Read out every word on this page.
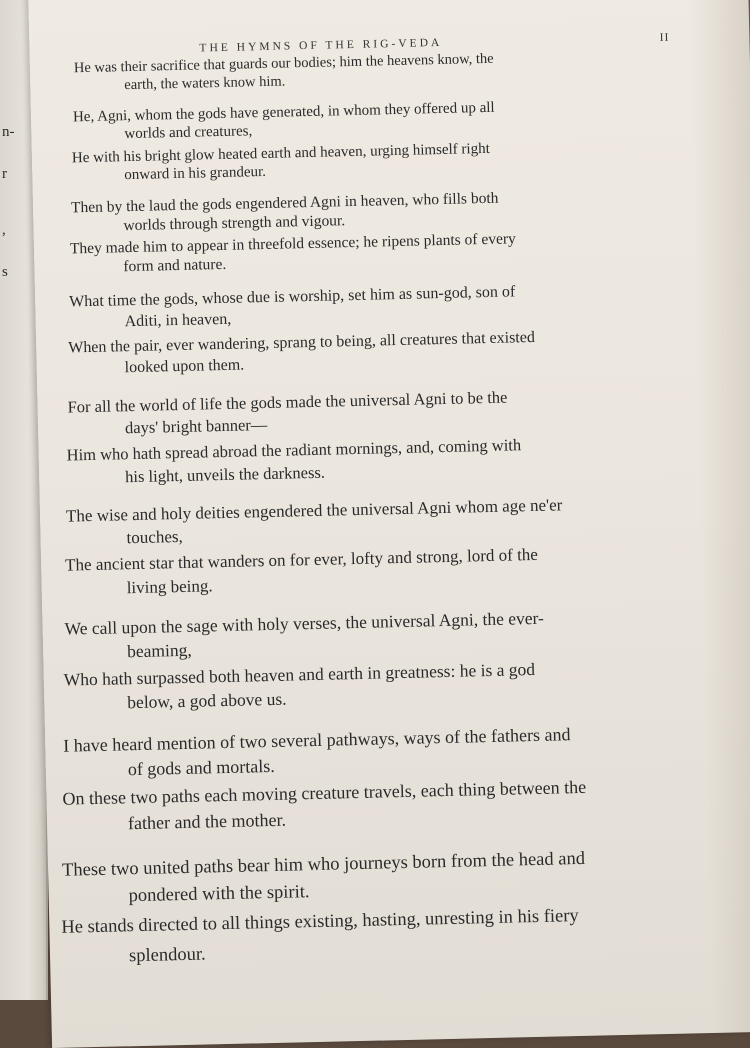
n-
r
,
s
THE HYMNS OF THE RIG-VEDA	II
He was their sacrifice that guards our bodies; him the heavens know, the
earth, the waters know him.
He, Agni, whom the gods have generated, in whom they offered up all
worlds and creatures,
He with his bright glow heated earth and heaven, urging himself right
onward in his grandeur.
Then by the laud the gods engendered Agni in heaven, who fills both
worlds through strength and vigour.
They made him to appear in threefold essence; he ripens plants of every
form and nature.
What time the gods, whose due is worship, set him as sun-god, son of
Aditi, in heaven,
When the pair, ever wandering, sprang to being, all creatures that existed
looked upon them.
For all the world of life the gods made the universal Agni to be the
days' bright banner—
Him who hath spread abroad the radiant mornings, and, coming with
his light, unveils the darkness.
The wise and holy deities engendered the universal Agni whom age ne'er
touches,
The ancient star that wanders on for ever, lofty and strong, lord of the
living being.
We call upon the sage with holy verses, the universal Agni, the ever-
beaming,
Who hath surpassed both heaven and earth in greatness: he is a god
below, a god above us.
I have heard mention of two several pathways, ways of the fathers and
of gods and mortals.
On these two paths each moving creature travels, each thing between the
father and the mother.
These two united paths bear him who journeys born from the head and
pondered with the spirit.
He stands directed to all things existing, hasting, unresting in his fiery
splendour.
